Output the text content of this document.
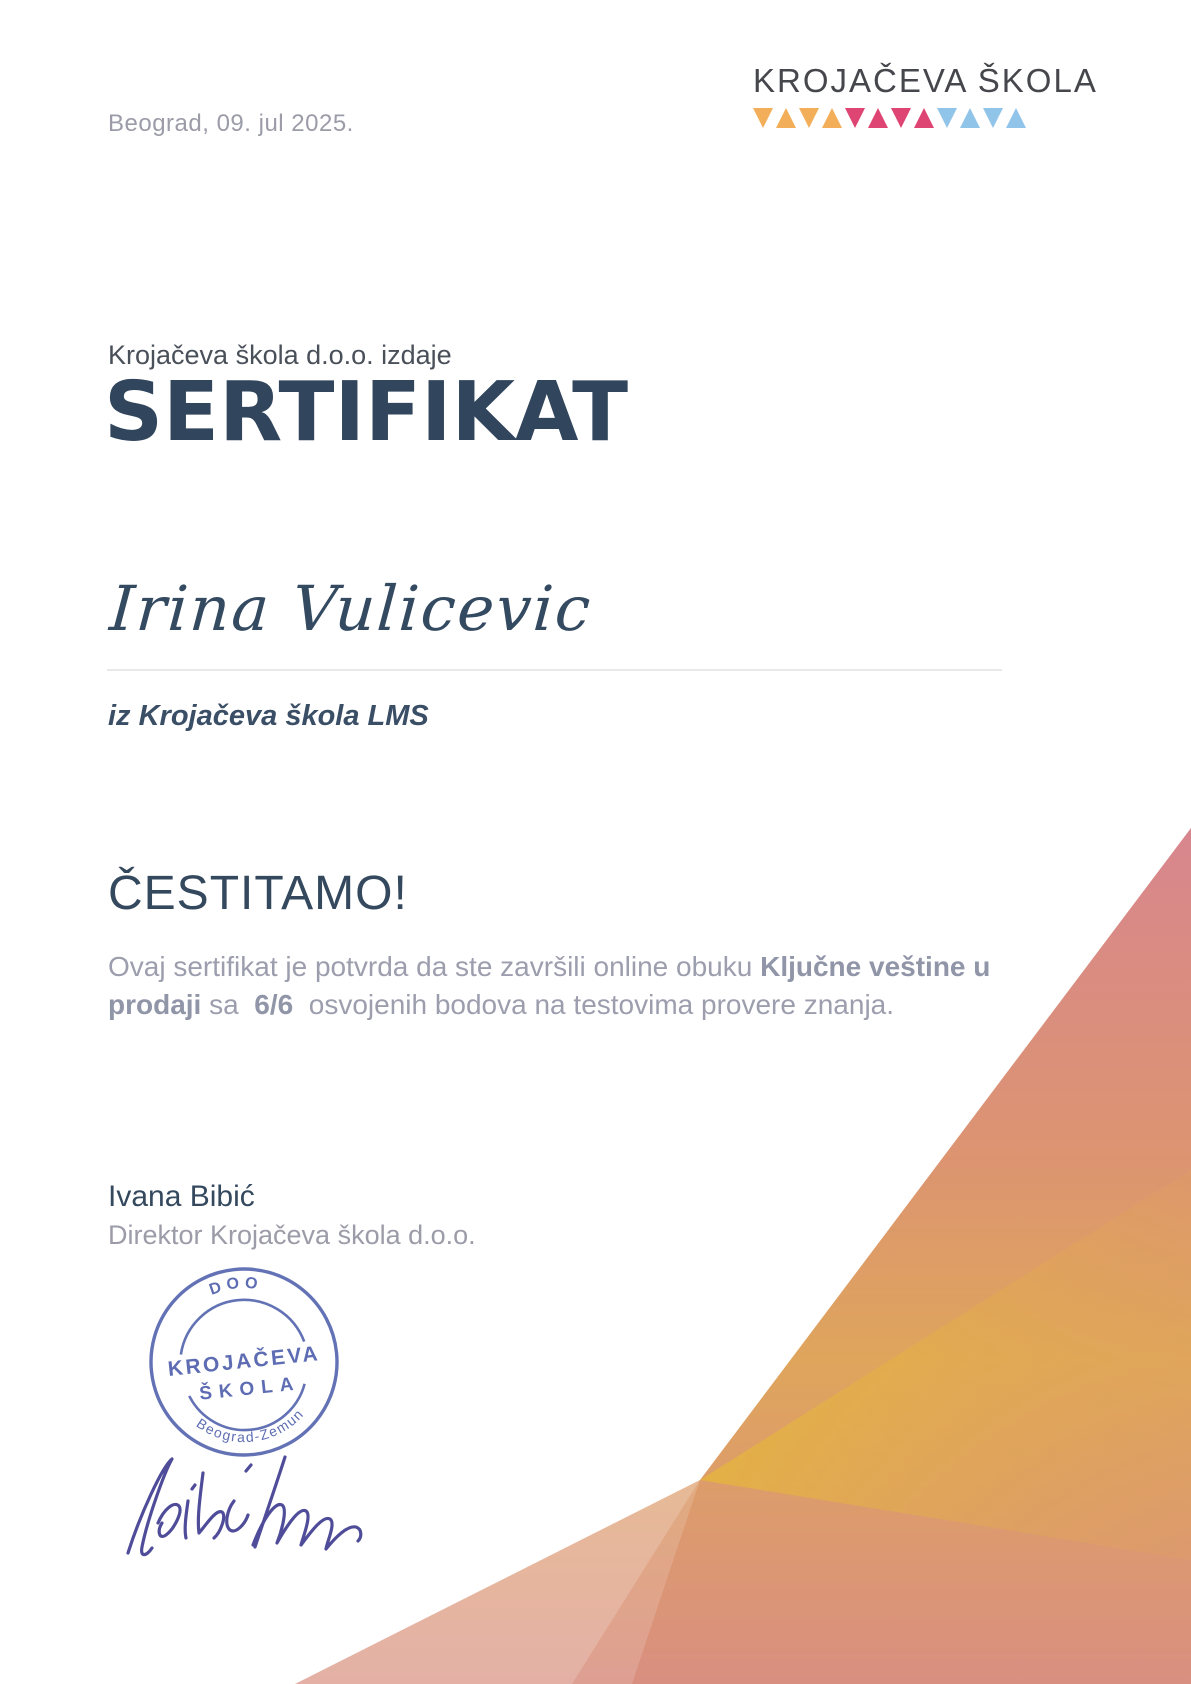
Beograd, 09. jul 2025.
KROJAČEVA ŠKOLA
Krojačeva škola d.o.o. izdaje
SERTIFIKAT
Irina Vulicevic
iz Krojačeva škola LMS
ČESTITAMO!
Ovaj sertifikat je potvrda da ste završili online obuku Ključne veštine u
prodaji sa  6/6  osvojenih bodova na testovima provere znanja.
Ivana Bibić
Direktor Krojačeva škola d.o.o.
DOO
KROJAČEVA
ŠKOLA
Beograd-Zemun
